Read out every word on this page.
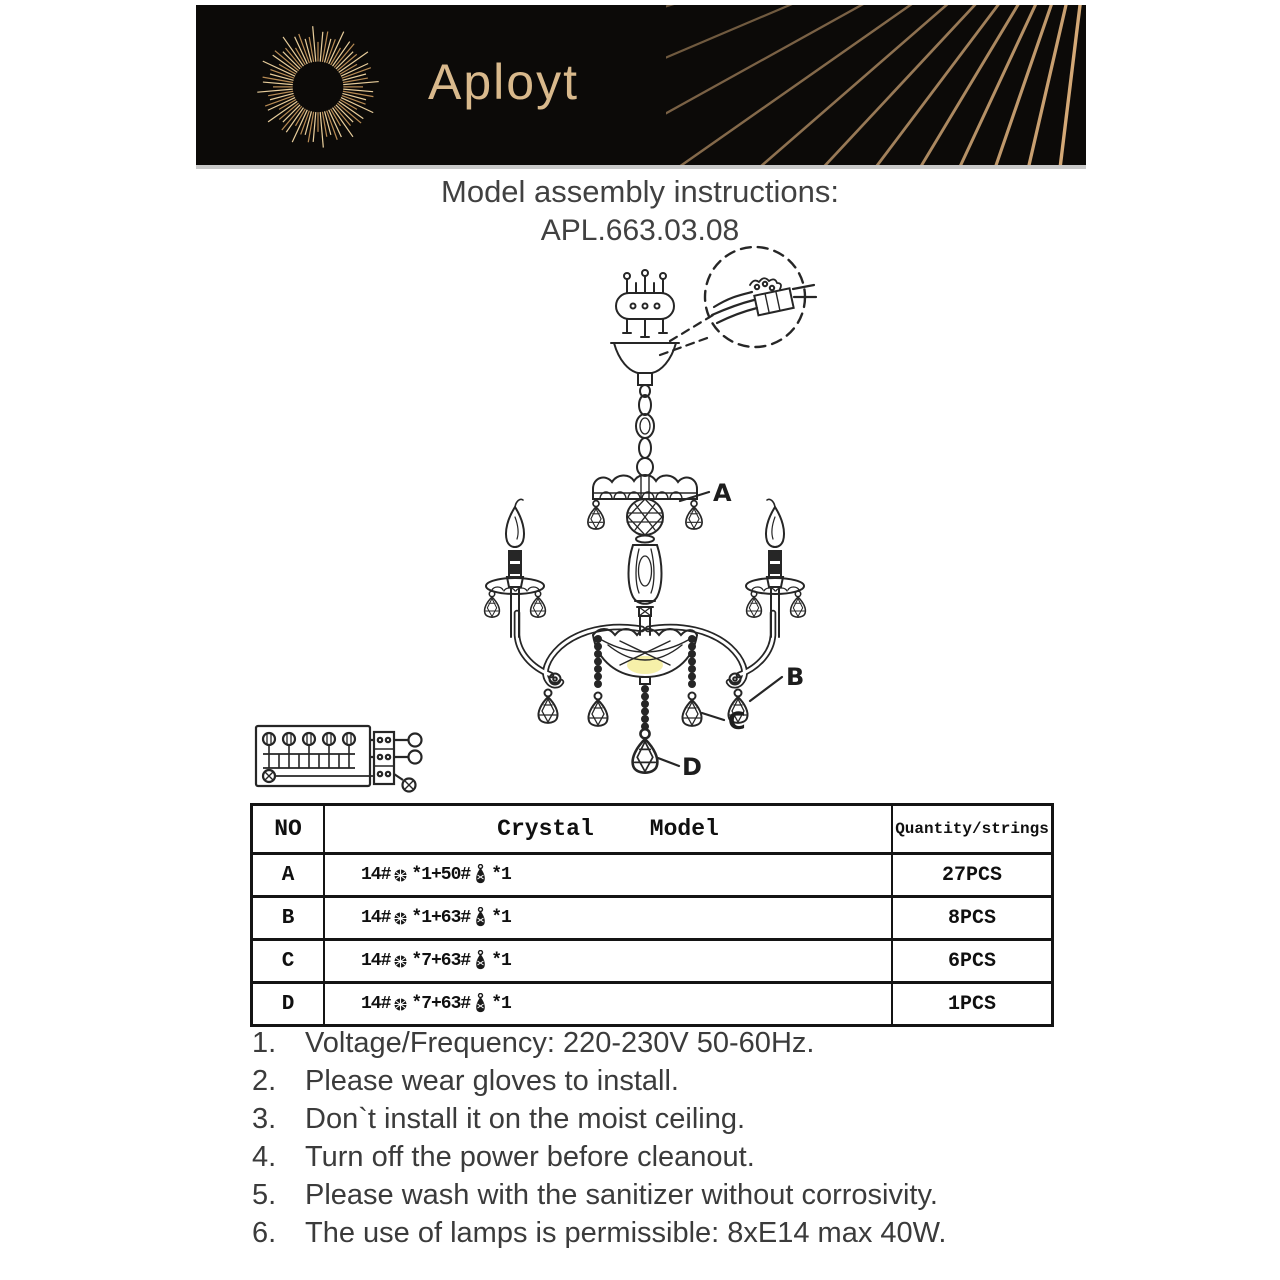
Aployt
Model assembly instructions:
APL.663.03.08
A
B
C
D
NO	Crystal Model	Quantity/strings
A	14# *1+50# *1	27PCS
B	14# *1+63# *1	8PCS
C	14# *7+63# *1	6PCS
D	14# *7+63# *1	1PCS
1. Voltage/Frequency: 220-230V 50-60Hz.
2. Please wear gloves to install.
3. Don`t install it on the moist ceiling.
4. Turn off the power before cleanout.
5. Please wash with the sanitizer without corrosivity.
6. The use of lamps is permissible: 8xE14 max 40W.
